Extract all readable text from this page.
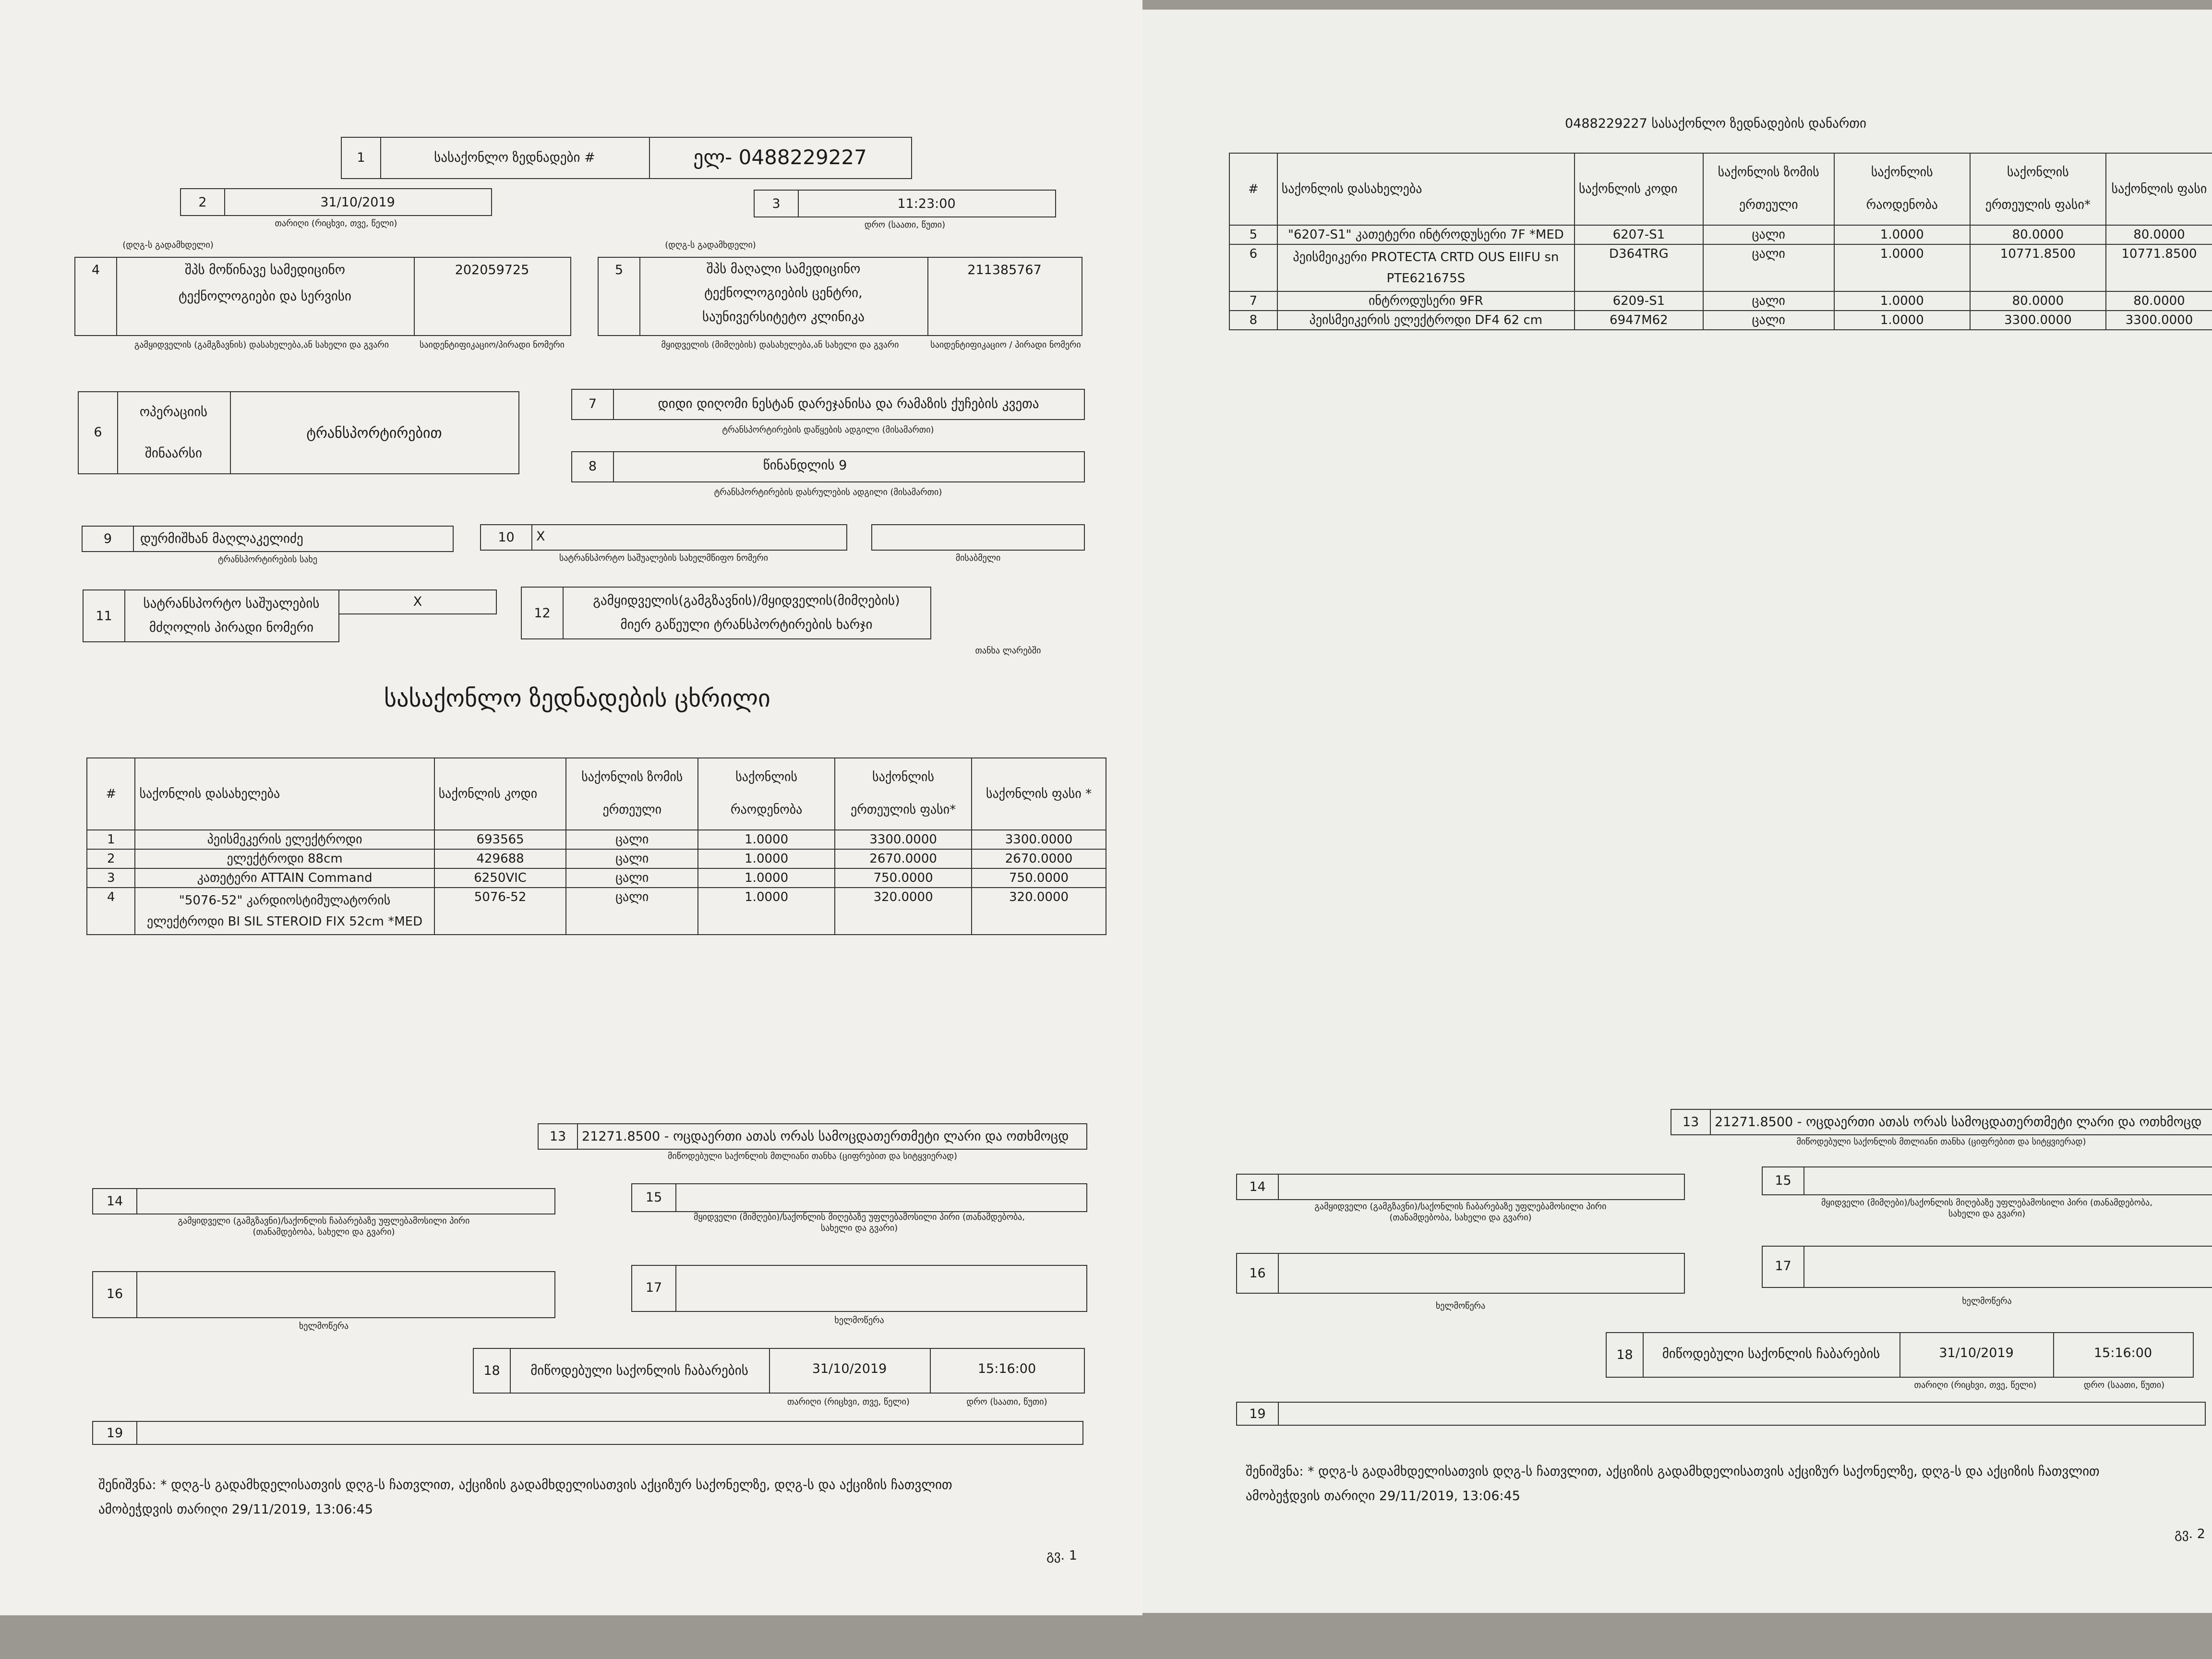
1	სასაქონლო ზედნადები #	ელ- 0488229227
2	31/10/2019
თარიღი (რიცხვი, თვე, წელი)
3	11:23:00
დრო (საათი, წუთი)
(დღგ-ს გადამხდელი)	(დღგ-ს გადამხდელი)
4	შპს მოწინავე სამედიცინო
ტექნოლოგიები და სერვისი
202059725
გამყიდველის (გამგზავნის) დასახელება,ან სახელი და გვარი	საიდენტიფიკაციო/პირადი ნომერი
5	შპს მაღალი სამედიცინო
ტექნოლოგიების ცენტრი,
საუნივერსიტეტო კლინიკა
211385767
მყიდველის (მიმღების) დასახელება,ან სახელი და გვარი	საიდენტიფიკაციო / პირადი ნომერი
6
ოპერაციის
შინაარსი
ტრანსპორტირებით
7	დიდი დიღომი ნესტან დარეჯანისა და რამაზის ქუჩების კვეთა
ტრანსპორტირების დაწყების ადგილი (მისამართი)
8	წინანდლის 9
ტრანსპორტირების დასრულების ადგილი (მისამართი)
9	დურმიშხან მაღლაკელიძე
ტრანსპორტირების სახე
10	X
სატრანსპორტო საშუალების სახელმწიფო ნომერი	მისაბმელი
11
სატრანსპორტო საშუალების
მძღოლის პირადი ნომერი
X
12
გამყიდველის(გამგზავნის)/მყიდველის(მიმღების)
მიერ გაწეული ტრანსპორტირების ხარჯი
თანხა ლარებში
სასაქონლო ზედნადების ცხრილი
#	საქონლის დასახელება	საქონლის კოდი	საქონლის ზომის
ერთეული	საქონლის
რაოდენობა	საქონლის
ერთეულის ფასი*	საქონლის ფასი *
1	პეისმეკერის ელექტროდი	693565	ცალი	1.0000	3300.0000	3300.0000
2	ელექტროდი 88cm	429688	ცალი	1.0000	2670.0000	2670.0000
3	კათეტერი ATTAIN Command	6250VIC	ცალი	1.0000	750.0000	750.0000
4	"5076-52" კარდიოსტიმულატორის
ელექტროდი BI SIL STEROID FIX 52cm *MED	5076-52	ცალი	1.0000	320.0000	320.0000
13	21271.8500 - ოცდაერთი ათას ორას სამოცდათერთმეტი ლარი და ოთხმოცდ
მიწოდებული საქონლის მთლიანი თანხა (ციფრებით და სიტყვიერად)
14
გამყიდველი (გამგზავნი)/საქონლის ჩაბარებაზე უფლებამოსილი პირი
(თანამდებობა, სახელი და გვარი)
15
მყიდველი (მიმღები)/საქონლის მიღებაზე უფლებამოსილი პირი (თანამდებობა,
სახელი და გვარი)
16
ხელმოწერა
17
ხელმოწერა
18	მიწოდებული საქონლის ჩაბარების	31/10/2019	15:16:00
თარიღი (რიცხვი, თვე, წელი)	დრო (საათი, წუთი)
19
შენიშვნა: * დღგ-ს გადამხდელისათვის დღგ-ს ჩათვლით, აქციზის გადამხდელისათვის აქციზურ საქონელზე, დღგ-ს და აქციზის ჩათვლით
ამობეჭდვის თარიღი 29/11/2019, 13:06:45
გვ. 1
0488229227 სასაქონლო ზედნადების დანართი
#	საქონლის დასახელება	საქონლის კოდი	საქონლის ზომის
ერთეული	საქონლის
რაოდენობა	საქონლის
ერთეულის ფასი*	საქონლის ფასი
5	"6207-S1" კათეტერი ინტროდუსერი 7F *MED	6207-S1	ცალი	1.0000	80.0000	80.0000
6	პეისმეიკერი PROTECTA CRTD OUS EIIFU sn
PTE621675S	D364TRG	ცალი	1.0000	10771.8500	10771.8500
7	ინტროდუსერი 9FR	6209-S1	ცალი	1.0000	80.0000	80.0000
8	პეისმეიკერის ელექტროდი DF4 62 cm	6947M62	ცალი	1.0000	3300.0000	3300.0000
13	21271.8500 - ოცდაერთი ათას ორას სამოცდათერთმეტი ლარი და ოთხმოცდ
მიწოდებული საქონლის მთლიანი თანხა (ციფრებით და სიტყვიერად)
14
გამყიდველი (გამგზავნი)/საქონლის ჩაბარებაზე უფლებამოსილი პირი
(თანამდებობა, სახელი და გვარი)
15
მყიდველი (მიმღები)/საქონლის მიღებაზე უფლებამოსილი პირი (თანამდებობა,
სახელი და გვარი)
16
ხელმოწერა
17
ხელმოწერა
18	მიწოდებული საქონლის ჩაბარების	31/10/2019	15:16:00
თარიღი (რიცხვი, თვე, წელი)	დრო (საათი, წუთი)
19
შენიშვნა: * დღგ-ს გადამხდელისათვის დღგ-ს ჩათვლით, აქციზის გადამხდელისათვის აქციზურ საქონელზე, დღგ-ს და აქციზის ჩათვლით
ამობეჭდვის თარიღი 29/11/2019, 13:06:45
გვ. 2
